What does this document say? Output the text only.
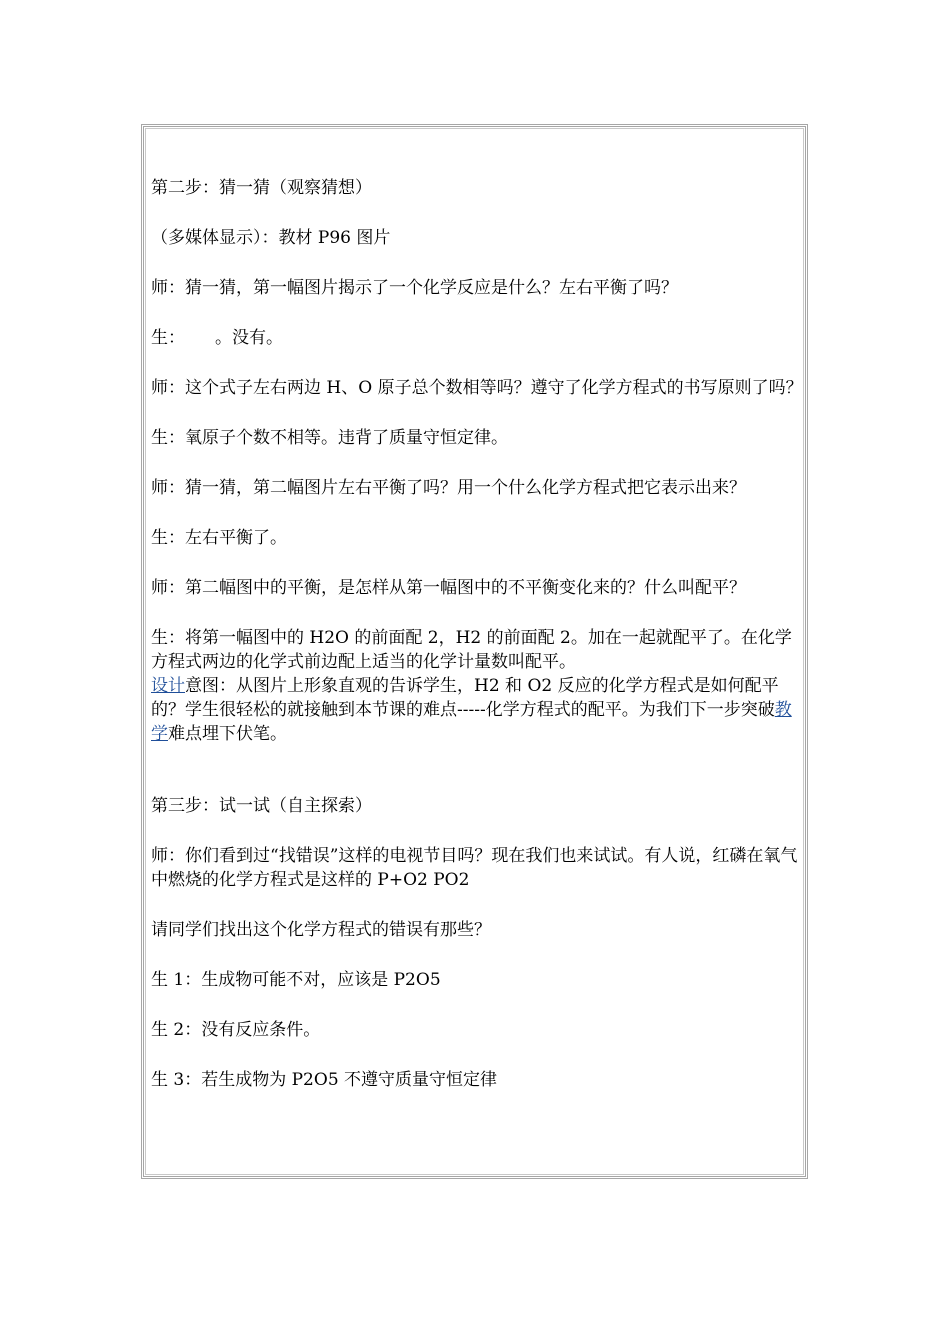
第二步：猜一猜（观察猜想）

（多媒体显示）：教材 P96 图片

师：猜一猜，第一幅图片揭示了一个化学反应是什么？左右平衡了吗？

生： 。没有。

师：这个式子左右两边 H、O 原子总个数相等吗？遵守了化学方程式的书写原则了吗？

生：氧原子个数不相等。违背了质量守恒定律。

师：猜一猜，第二幅图片左右平衡了吗？用一个什么化学方程式把它表示出来？

生：左右平衡了。

师：第二幅图中的平衡，是怎样从第一幅图中的不平衡变化来的？什么叫配平？

生：将第一幅图中的 H2O 的前面配 2，H2 的前面配 2。加在一起就配平了。在化学方程式两边的化学式前边配上适当的化学计量数叫配平。

设计意图：从图片上形象直观的告诉学生，H2 和 O2 反应的化学方程式是如何配平的？学生很轻松的就接触到本节课的难点-----化学方程式的配平。为我们下一步突破教学难点埋下伏笔。

第三步：试一试（自主探索）

师：你们看到过“找错误”这样的电视节目吗？现在我们也来试试。有人说，红磷在氧气中燃烧的化学方程式是这样的 P+O2 PO2

请同学们找出这个化学方程式的错误有那些？

生 1：生成物可能不对，应该是 P2O5

生 2：没有反应条件。

生 3：若生成物为 P2O5 不遵守质量守恒定律
